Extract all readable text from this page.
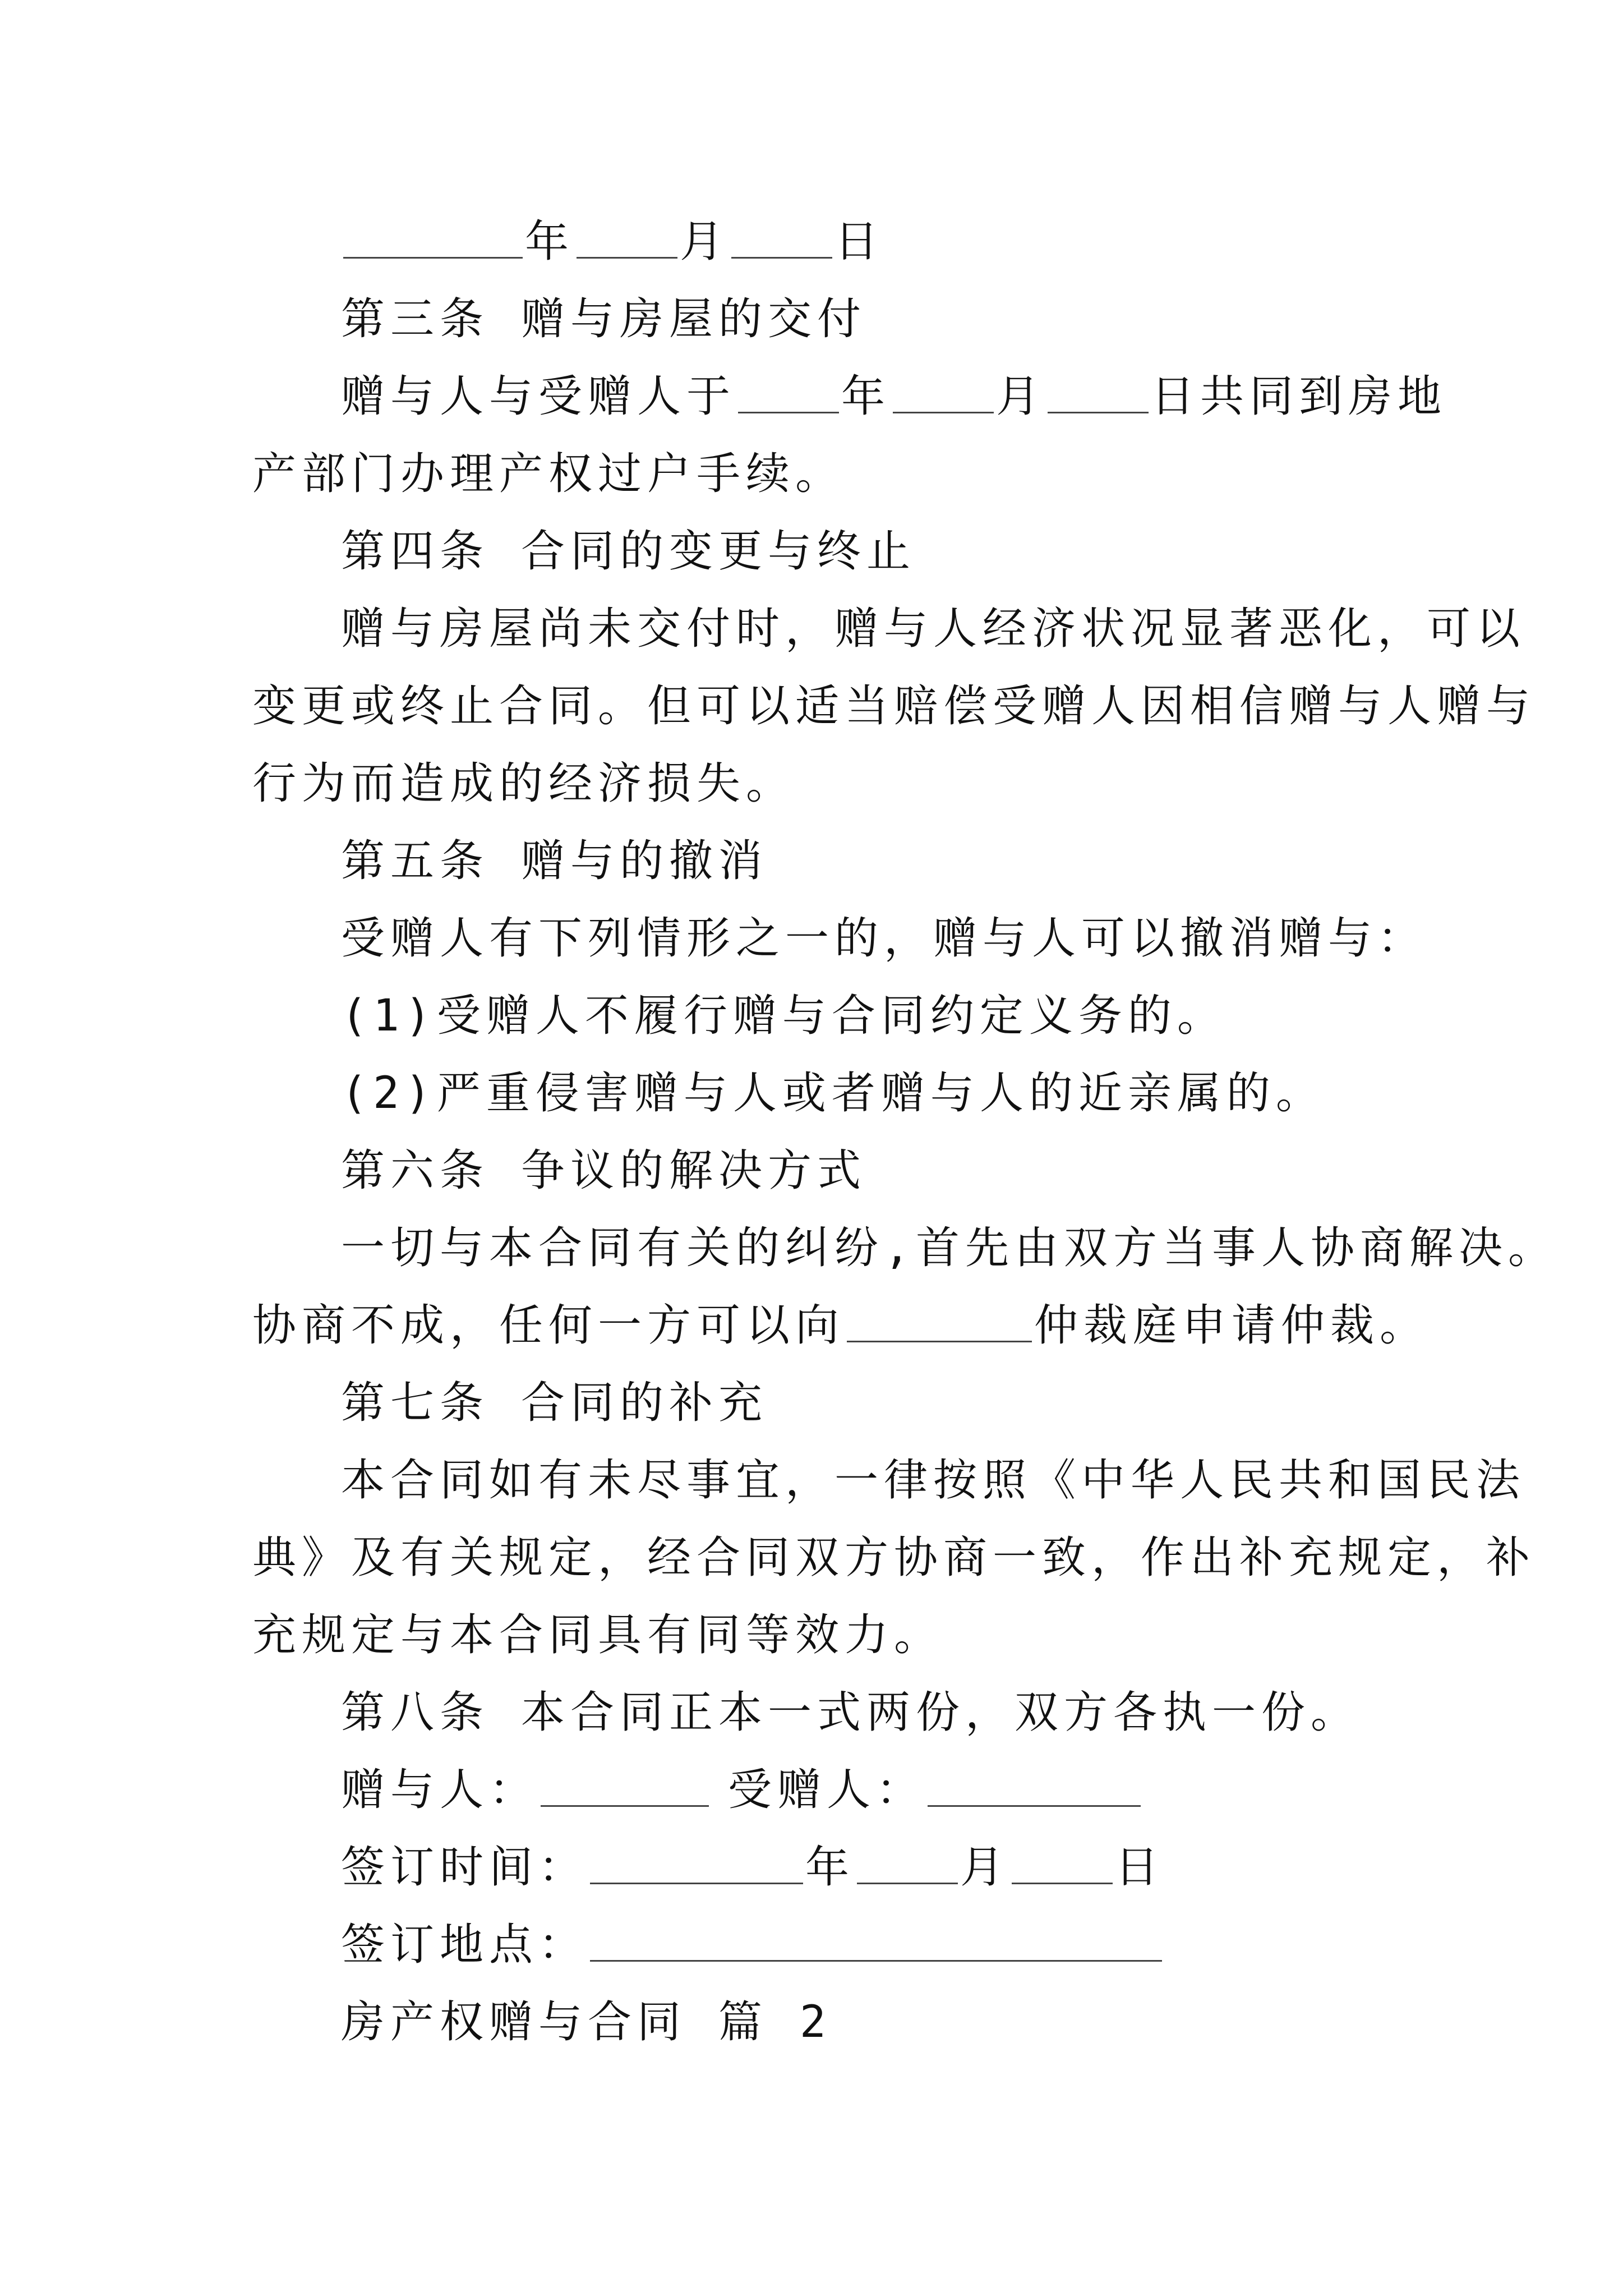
年 月 日
第三条 赠与房屋的交付
赠与人与受赠人于 年 月 日共同到房地
产部门办理产权过户手续。
第四条 合同的变更与终止
赠与房屋尚未交付时，赠与人经济状况显著恶化，可以
变更或终止合同。但可以适当赔偿受赠人因相信赠与人赠与
行为而造成的经济损失。
第五条 赠与的撤消
受赠人有下列情形之一的，赠与人可以撤消赠与：
(1)受赠人不履行赠与合同约定义务的。
(2)严重侵害赠与人或者赠与人的近亲属的。
第六条 争议的解决方式
一切与本合同有关的纠纷,首先由双方当事人协商解决。
协商不成，任何一方可以向	仲裁庭申请仲裁。
第七条 合同的补充
本合同如有未尽事宜，一律按照《中华人民共和国民法
典》及有关规定，经合同双方协商一致，作出补充规定，补
充规定与本合同具有同等效力。
第八条 本合同正本一式两份，双方各执一份。
赠与人：	受赠人：
签订时间：	年 月 日
签订地点：
房产权赠与合同 篇 2
